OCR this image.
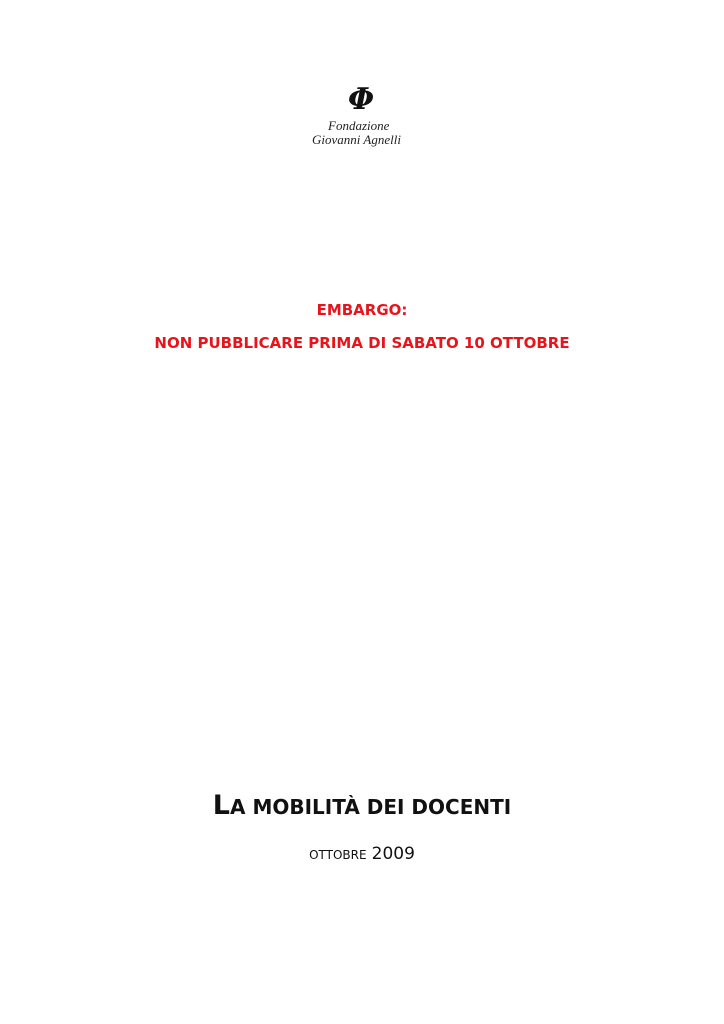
Φ
Fondazione
Giovanni Agnelli
EMBARGO:
NON PUBBLICARE PRIMA DI SABATO 10 OTTOBRE
LA MOBILITÀ DEI DOCENTI
OTTOBRE 2009
